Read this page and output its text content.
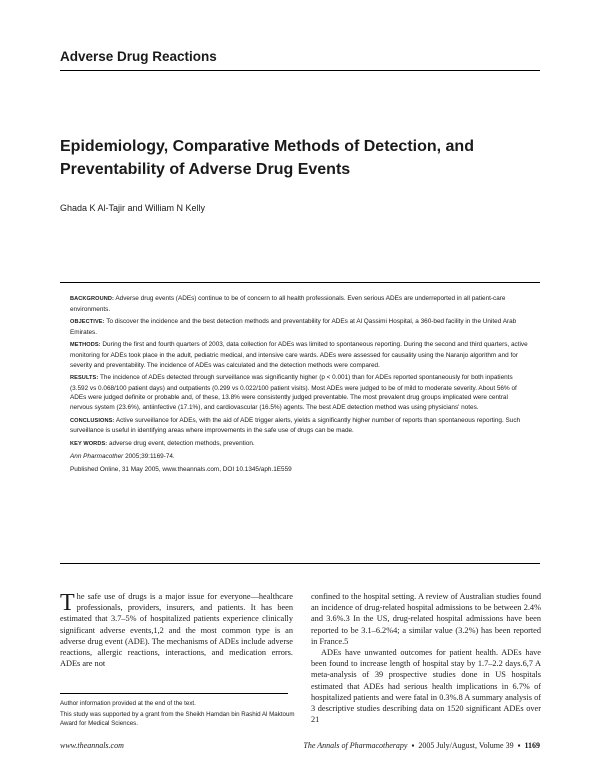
Adverse Drug Reactions
Epidemiology, Comparative Methods of Detection, and Preventability of Adverse Drug Events
Ghada K Al-Tajir and William N Kelly

BACKGROUND: Adverse drug events (ADEs) continue to be of concern to all health professionals. Even serious ADEs are underreported in all patient-care environments.

OBJECTIVE: To discover the incidence and the best detection methods and preventability for ADEs at Al Qassimi Hospital, a 360-bed facility in the United Arab Emirates.

METHODS: During the first and fourth quarters of 2003, data collection for ADEs was limited to spontaneous reporting. During the second and third quarters, active monitoring for ADEs took place in the adult, pediatric medical, and intensive care wards. ADEs were assessed for causality using the Naranjo algorithm and for severity and preventability. The incidence of ADEs was calculated and the detection methods were compared.

RESULTS: The incidence of ADEs detected through surveillance was significantly higher (p < 0.001) than for ADEs reported spontaneously for both inpatients (3.592 vs 0.068/100 patient days) and outpatients (0.299 vs 0.022/100 patient visits). Most ADEs were judged to be of mild to moderate severity. About 56% of ADEs were judged definite or probable and, of these, 13.8% were consistently judged preventable. The most prevalent drug groups implicated were central nervous system (23.6%), antiinfective (17.1%), and cardiovascular (16.5%) agents. The best ADE detection method was using physicians' notes.

CONCLUSIONS: Active surveillance for ADEs, with the aid of ADE trigger alerts, yields a significantly higher number of reports than spontaneous reporting. Such surveillance is useful in identifying areas where improvements in the safe use of drugs can be made.

KEY WORDS: adverse drug event, detection methods, prevention.

Ann Pharmacother 2005;39:1169-74.

Published Online, 31 May 2005, www.theannals.com, DOI 10.1345/aph.1E559

The safe use of drugs is a major issue for everyone—healthcare professionals, providers, insurers, and patients. It has been estimated that 3.7–5% of hospitalized patients experience clinically significant adverse events,1,2 and the most common type is an adverse drug event (ADE). The mechanisms of ADEs include adverse reactions, allergic reactions, interactions, and medication errors. ADEs are not

confined to the hospital setting. A review of Australian studies found an incidence of drug-related hospital admissions to be between 2.4% and 3.6%.3 In the US, drug-related hospital admissions have been reported to be 3.1–6.2%4; a similar value (3.2%) has been reported in France.5

ADEs have unwanted outcomes for patient health. ADEs have been found to increase length of hospital stay by 1.7–2.2 days.6,7 A meta-analysis of 39 prospective studies done in US hospitals estimated that ADEs had serious health implications in 6.7% of hospitalized patients and were fatal in 0.3%.8 A summary analysis of 3 descriptive studies describing data on 1520 significant ADEs over 21

Author information provided at the end of the text.

This study was supported by a grant from the Sheikh Hamdan bin Rashid Al Maktoum Award for Medical Sciences.

www.theannals.com	The Annals of Pharmacotherapy  ▪  2005 July/August, Volume 39  ▪  1169
